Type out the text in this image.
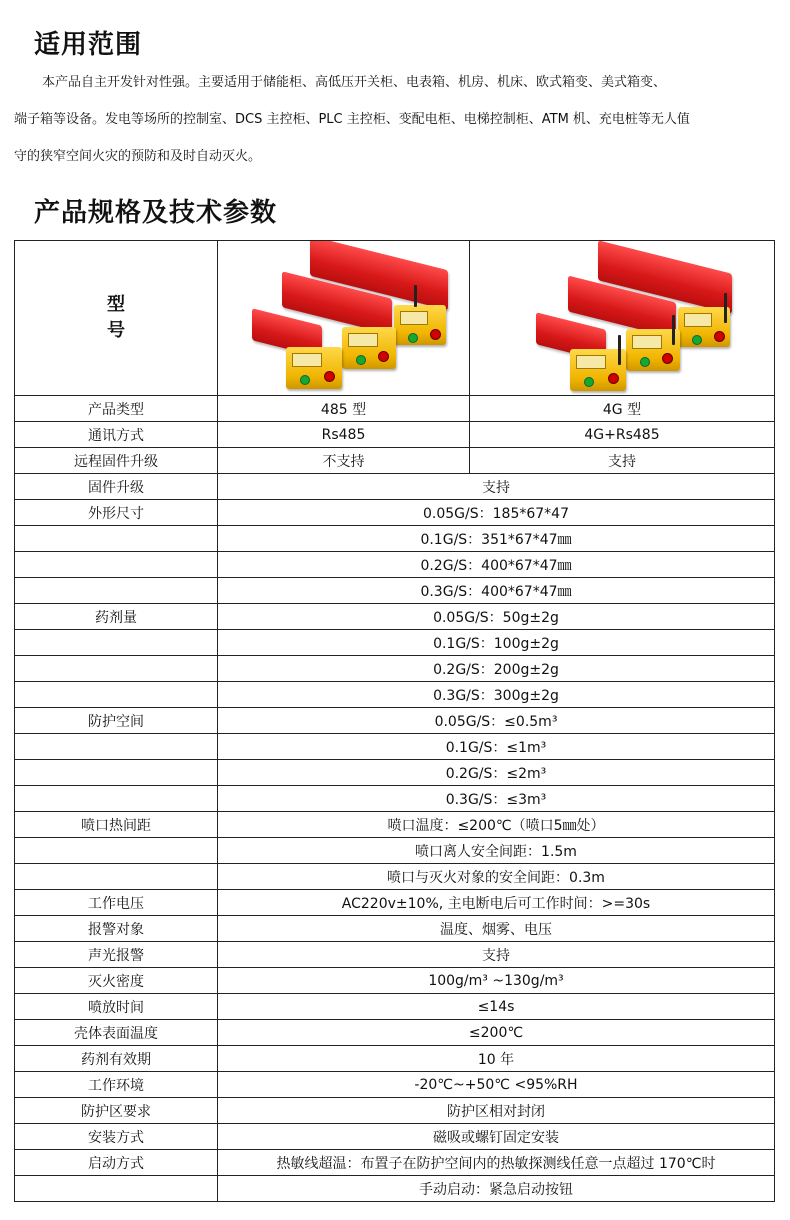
适用范围
本产品自主开发针对性强。主要适用于储能柜、高低压开关柜、电表箱、机房、机床、欧式箱变、美式箱变、
端子箱等设备。发电等场所的控制室、DCS 主控柜、PLC 主控柜、变配电柜、电梯控制柜、ATM 机、充电桩等无人值
守的狭窄空间火灾的预防和及时自动灭火。
产品规格及技术参数
型
号		

产品类型	485 型	4G 型
通讯方式	Rs485	4G+Rs485
远程固件升级	不支持	支持
固件升级	支持	
外形尺寸	0.05G/S：185*67*47	
	0.1G/S：351*67*47㎜	
	0.2G/S：400*67*47㎜	
	0.3G/S：400*67*47㎜	
药剂量	0.05G/S：50g±2g	
	0.1G/S：100g±2g	
	0.2G/S：200g±2g	
	0.3G/S：300g±2g	
防护空间	0.05G/S：≤0.5m³	
	0.1G/S：≤1m³	
	0.2G/S：≤2m³	
	0.3G/S：≤3m³	
喷口热间距	喷口温度：≤200℃（喷口5㎜处）	
	喷口离人安全间距：1.5m	
	喷口与灭火对象的安全间距：0.3m	
工作电压	AC220v±10%, 主电断电后可工作时间：>=30s	
报警对象	温度、烟雾、电压	
声光报警	支持	
灭火密度	100g/m³ ~130g/m³	
喷放时间	≤14s	
壳体表面温度	≤200℃	
药剂有效期	10 年	
工作环境	-20℃~+50℃ <95%RH	
防护区要求	防护区相对封闭	
安装方式	磁吸或螺钉固定安装	
启动方式	热敏线超温：布置子在防护空间内的热敏探测线任意一点超过 170℃时	
	手动启动：紧急启动按钮	
